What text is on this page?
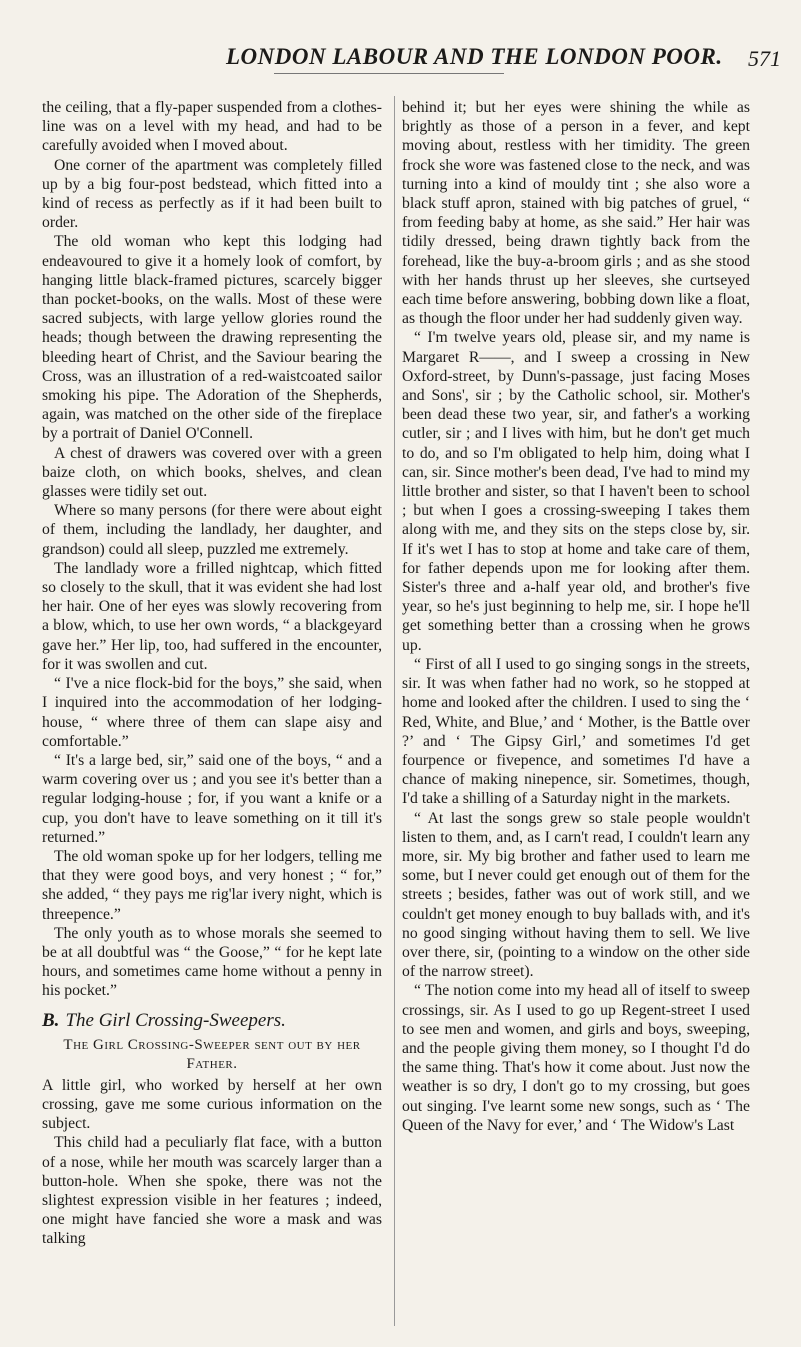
LONDON LABOUR AND THE LONDON POOR. 571

the ceiling, that a fly-paper suspended from a clothes-line was on a level with my head, and had to be carefully avoided when I moved about.

One corner of the apartment was completely filled up by a big four-post bedstead, which fitted into a kind of recess as perfectly as if it had been built to order.

The old woman who kept this lodging had endeavoured to give it a homely look of comfort, by hanging little black-framed pictures, scarcely bigger than pocket-books, on the walls. Most of these were sacred subjects, with large yellow glories round the heads; though between the drawing representing the bleeding heart of Christ, and the Saviour bearing the Cross, was an illustration of a red-waistcoated sailor smoking his pipe. The Adoration of the Shepherds, again, was matched on the other side of the fireplace by a portrait of Daniel O'Connell.

A chest of drawers was covered over with a green baize cloth, on which books, shelves, and clean glasses were tidily set out.

Where so many persons (for there were about eight of them, including the landlady, her daughter, and grandson) could all sleep, puzzled me extremely.

The landlady wore a frilled nightcap, which fitted so closely to the skull, that it was evident she had lost her hair. One of her eyes was slowly recovering from a blow, which, to use her own words, “ a blackgeyard gave her.” Her lip, too, had suffered in the encounter, for it was swollen and cut.

“ I've a nice flock-bid for the boys,” she said, when I inquired into the accommodation of her lodging-house, “ where three of them can slape aisy and comfortable.”

“ It's a large bed, sir,” said one of the boys, “ and a warm covering over us ; and you see it's better than a regular lodging-house ; for, if you want a knife or a cup, you don't have to leave something on it till it's returned.”

The old woman spoke up for her lodgers, telling me that they were good boys, and very honest ; “ for,” she added, “ they pays me rig'lar ivery night, which is threepence.”

The only youth as to whose morals she seemed to be at all doubtful was “ the Goose,” “ for he kept late hours, and sometimes came home without a penny in his pocket.”

B. The Girl Crossing-Sweepers.
The Girl Crossing-Sweeper sent out by her Father.

A little girl, who worked by herself at her own crossing, gave me some curious information on the subject.

This child had a peculiarly flat face, with a button of a nose, while her mouth was scarcely larger than a button-hole. When she spoke, there was not the slightest expression visible in her features ; indeed, one might have fancied she wore a mask and was talking

behind it; but her eyes were shining the while as brightly as those of a person in a fever, and kept moving about, restless with her timidity. The green frock she wore was fastened close to the neck, and was turning into a kind of mouldy tint ; she also wore a black stuff apron, stained with big patches of gruel, “ from feeding baby at home, as she said.” Her hair was tidily dressed, being drawn tightly back from the forehead, like the buy-a-broom girls ; and as she stood with her hands thrust up her sleeves, she curtseyed each time before answering, bobbing down like a float, as though the floor under her had suddenly given way.

“ I'm twelve years old, please sir, and my name is Margaret R——, and I sweep a crossing in New Oxford-street, by Dunn's-passage, just facing Moses and Sons', sir ; by the Catholic school, sir. Mother's been dead these two year, sir, and father's a working cutler, sir ; and I lives with him, but he don't get much to do, and so I'm obligated to help him, doing what I can, sir. Since mother's been dead, I've had to mind my little brother and sister, so that I haven't been to school ; but when I goes a crossing-sweeping I takes them along with me, and they sits on the steps close by, sir. If it's wet I has to stop at home and take care of them, for father depends upon me for looking after them. Sister's three and a-half year old, and brother's five year, so he's just beginning to help me, sir. I hope he'll get something better than a crossing when he grows up.

“ First of all I used to go singing songs in the streets, sir. It was when father had no work, so he stopped at home and looked after the children. I used to sing the ‘ Red, White, and Blue,’ and ‘ Mother, is the Battle over ?’ and ‘ The Gipsy Girl,’ and sometimes I'd get fourpence or fivepence, and sometimes I'd have a chance of making ninepence, sir. Sometimes, though, I'd take a shilling of a Saturday night in the markets.

“ At last the songs grew so stale people wouldn't listen to them, and, as I carn't read, I couldn't learn any more, sir. My big brother and father used to learn me some, but I never could get enough out of them for the streets ; besides, father was out of work still, and we couldn't get money enough to buy ballads with, and it's no good singing without having them to sell. We live over there, sir, (pointing to a window on the other side of the narrow street).

“ The notion come into my head all of itself to sweep crossings, sir. As I used to go up Regent-street I used to see men and women, and girls and boys, sweeping, and the people giving them money, so I thought I'd do the same thing. That's how it come about. Just now the weather is so dry, I don't go to my crossing, but goes out singing. I've learnt some new songs, such as ‘ The Queen of the Navy for ever,’ and ‘ The Widow's Last
